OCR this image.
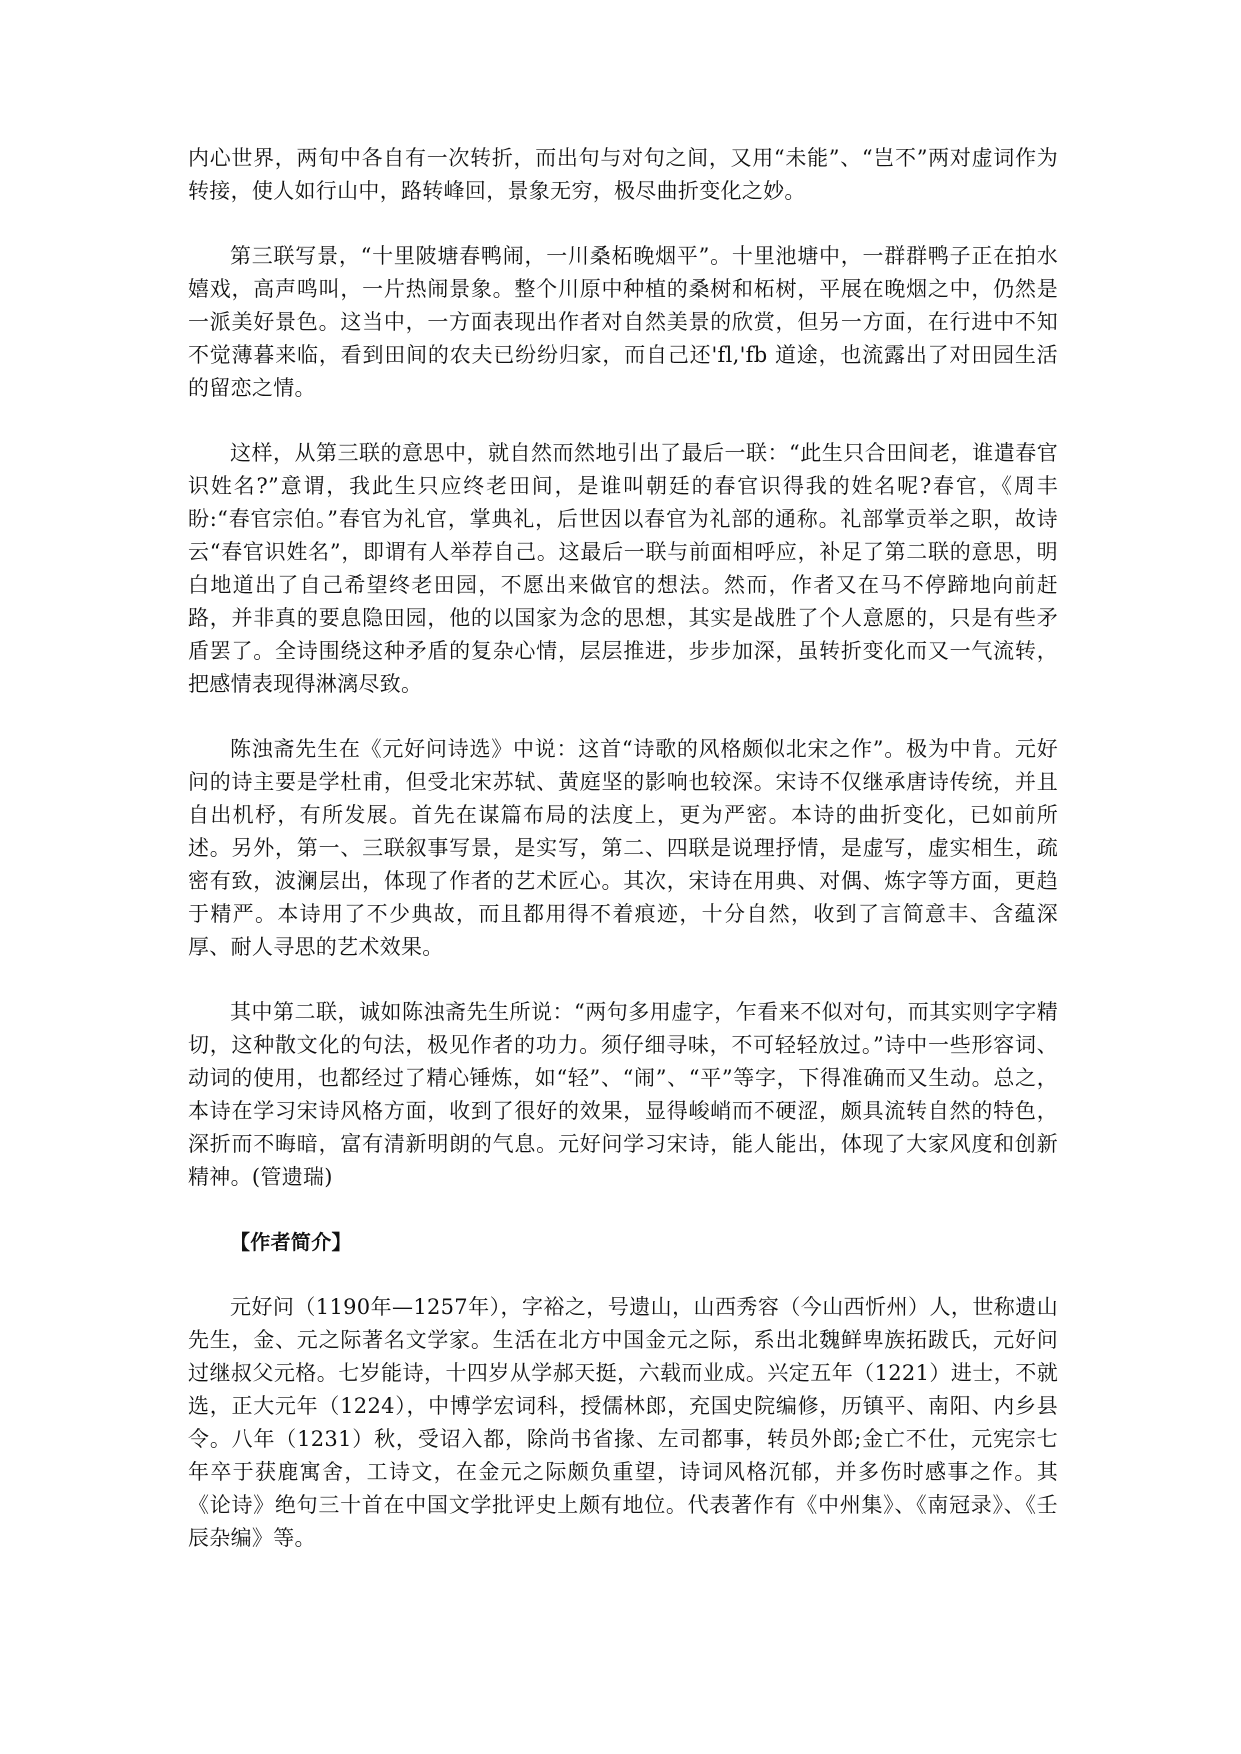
内心世界，两旬中各自有一次转折，而出句与对句之间，又用“未能”、“岂不”两对虚词作为转接，使人如行山中，路转峰回，景象无穷，极尽曲折变化之妙。

第三联写景，“十里陂塘春鸭闹，一川桑柘晚烟平”。十里池塘中，一群群鸭子正在拍水嬉戏，高声鸣叫，一片热闹景象。整个川原中种植的桑树和柘树，平展在晚烟之中，仍然是一派美好景色。这当中，一方面表现出作者对自然美景的欣赏，但另一方面，在行进中不知不觉薄暮来临，看到田间的农夫已纷纷归家，而自己还'fl,'fb 道途，也流露出了对田园生活的留恋之情。

这样，从第三联的意思中，就自然而然地引出了最后一联：“此生只合田间老，谁遣春官识姓名?”意谓，我此生只应终老田间，是谁叫朝廷的春官识得我的姓名呢?春官，《周丰盼:“春官宗伯。”春官为礼官，掌典礼，后世因以春官为礼部的通称。礼部掌贡举之职，故诗云“春官识姓名”，即谓有人举荐自己。这最后一联与前面相呼应，补足了第二联的意思，明白地道出了自己希望终老田园，不愿出来做官的想法。然而，作者又在马不停蹄地向前赶路，并非真的要息隐田园，他的以国家为念的思想，其实是战胜了个人意愿的，只是有些矛盾罢了。全诗围绕这种矛盾的复杂心情，层层推进，步步加深，虽转折变化而又一气流转，把感情表现得淋漓尽致。

陈浊斋先生在《元好问诗选》中说：这首“诗歌的风格颇似北宋之作”。极为中肯。元好问的诗主要是学杜甫，但受北宋苏轼、黄庭坚的影响也较深。宋诗不仅继承唐诗传统，并且自出机杼，有所发展。首先在谋篇布局的法度上，更为严密。本诗的曲折变化，已如前所述。另外，第一、三联叙事写景，是实写，第二、四联是说理抒情，是虚写，虚实相生，疏密有致，波澜层出，体现了作者的艺术匠心。其次，宋诗在用典、对偶、炼字等方面，更趋于精严。本诗用了不少典故，而且都用得不着痕迹，十分自然，收到了言简意丰、含蕴深厚、耐人寻思的艺术效果。

其中第二联，诚如陈浊斋先生所说：“两句多用虚字，乍看来不似对句，而其实则字字精切，这种散文化的句法，极见作者的功力。须仔细寻味，不可轻轻放过。”诗中一些形容词、动词的使用，也都经过了精心锤炼，如“轻”、“闹”、“平”等字，下得准确而又生动。总之，本诗在学习宋诗风格方面，收到了很好的效果，显得峻峭而不硬涩，颇具流转自然的特色，深折而不晦暗，富有清新明朗的气息。元好问学习宋诗，能人能出，体现了大家风度和创新精神。(管遗瑞)

【作者简介】

元好问（1190年—1257年），字裕之，号遗山，山西秀容（今山西忻州）人，世称遗山先生，金、元之际著名文学家。生活在北方中国金元之际，系出北魏鲜卑族拓跋氏，元好问过继叔父元格。七岁能诗，十四岁从学郝天挺，六载而业成。兴定五年（1221）进士，不就选，正大元年（1224），中博学宏词科，授儒林郎，充国史院编修，历镇平、南阳、内乡县令。八年（1231）秋，受诏入都，除尚书省掾、左司都事，转员外郎;金亡不仕，元宪宗七年卒于获鹿寓舍，工诗文，在金元之际颇负重望，诗词风格沉郁，并多伤时感事之作。其《论诗》绝句三十首在中国文学批评史上颇有地位。代表著作有《中州集》、《南冠录》、《壬辰杂编》等。
